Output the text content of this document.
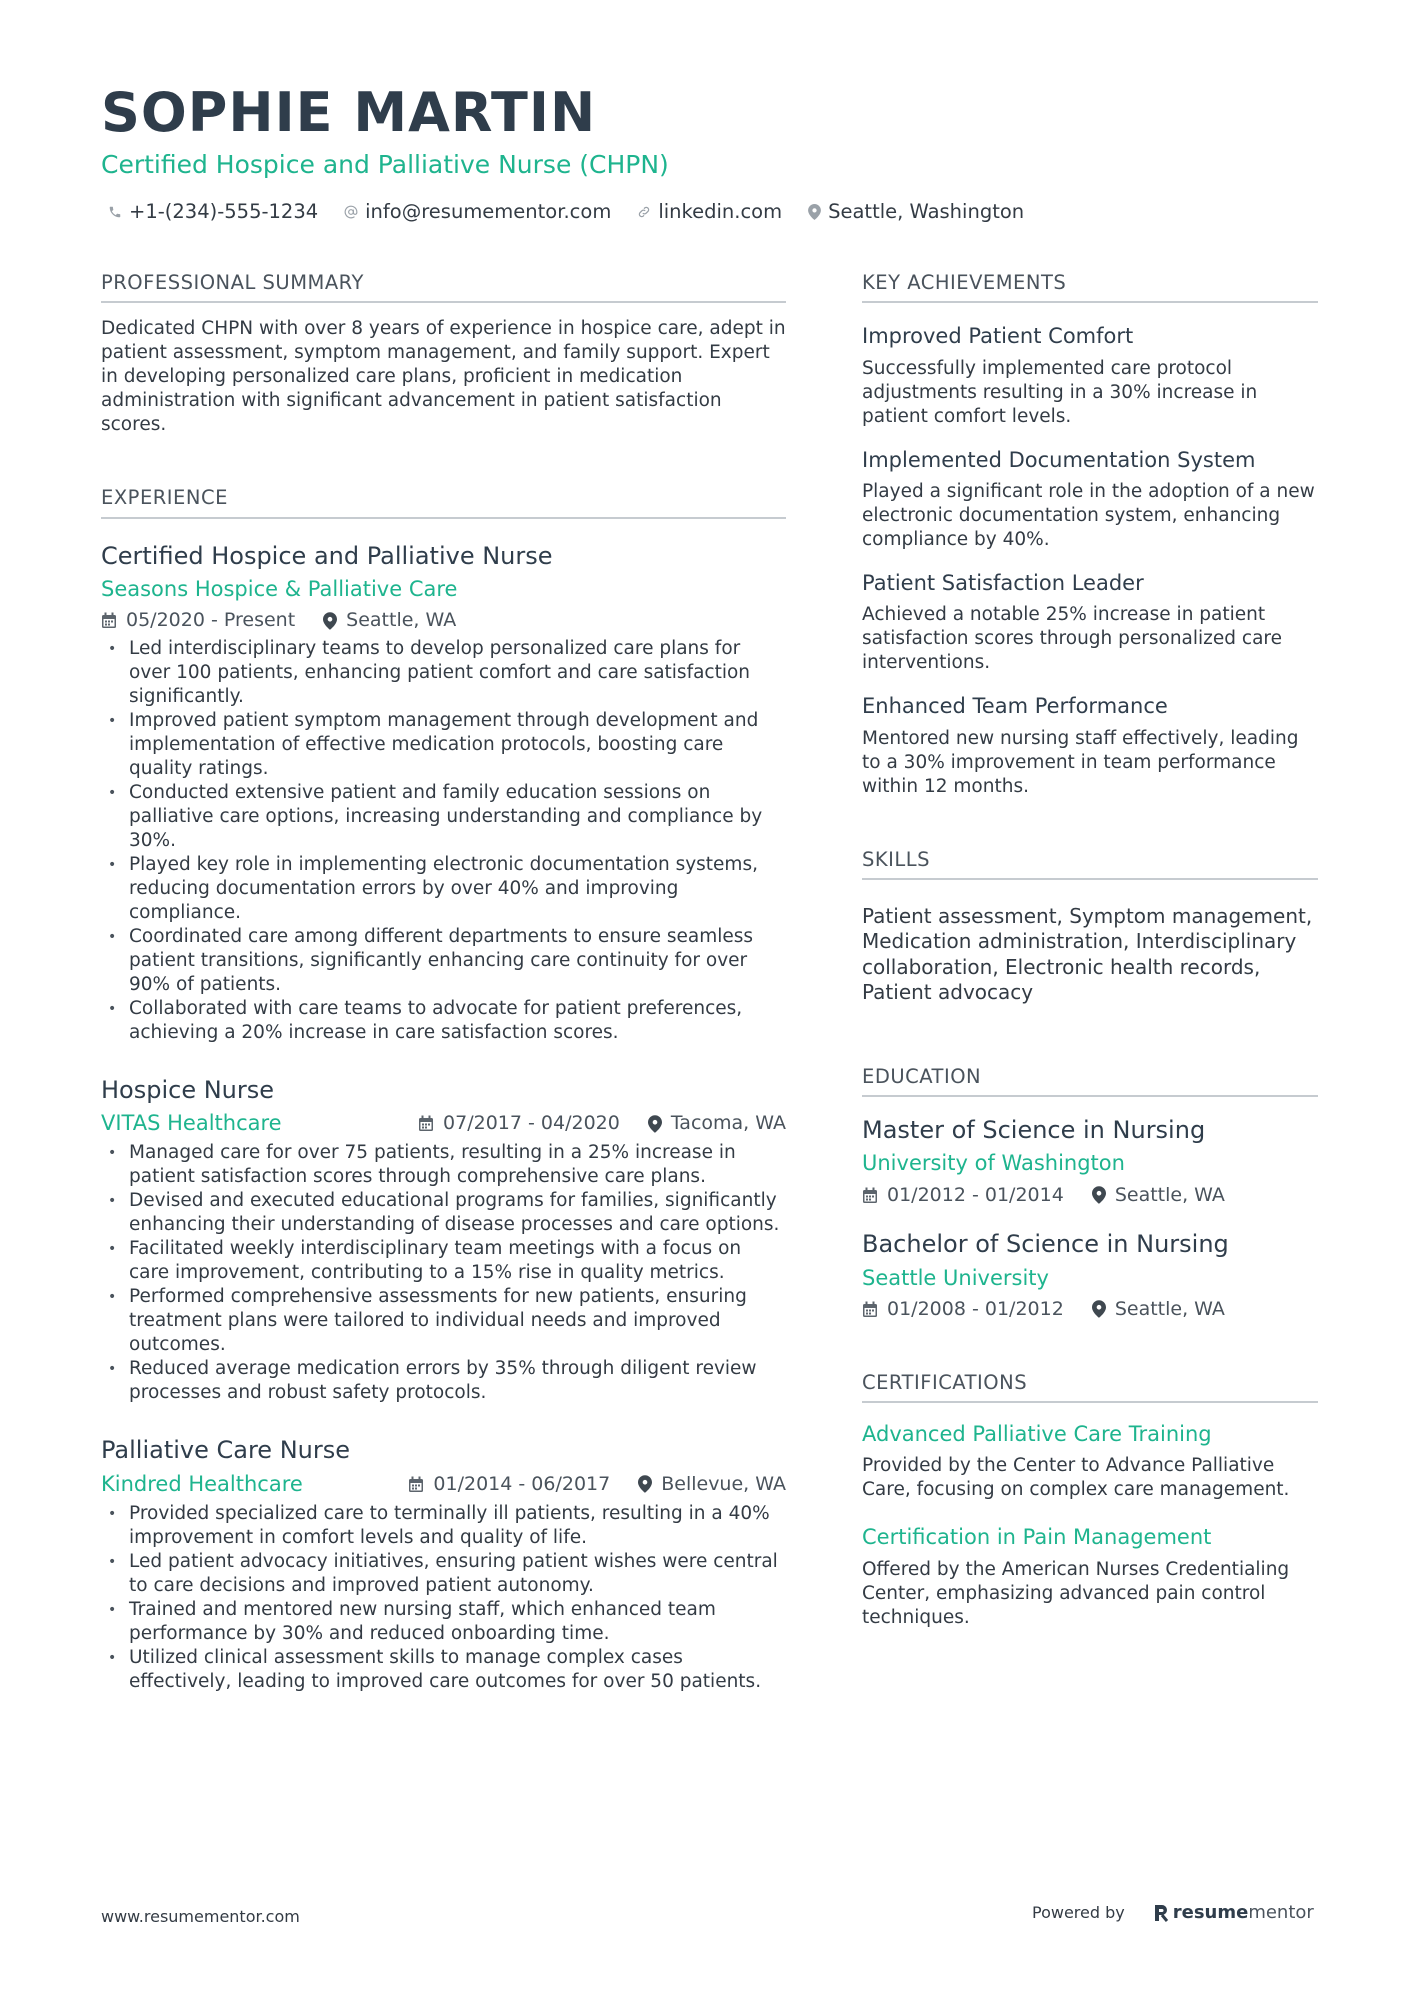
SOPHIE MARTIN
Certified Hospice and Palliative Nurse (CHPN)
+1-(234)-555-1234 info@resumementor.com linkedin.com Seattle, Washington
PROFESSIONAL SUMMARY

Dedicated CHPN with over 8 years of experience in hospice care, adept in patient assessment, symptom management, and family support. Expert in developing personalized care plans, proficient in medication administration with significant advancement in patient satisfaction scores.

EXPERIENCE
Certified Hospice and Palliative Nurse
Seasons Hospice & Palliative Care
05/2020 - Present	Seattle, WA
• Led interdisciplinary teams to develop personalized care plans for over 100 patients, enhancing patient comfort and care satisfaction significantly.
• Improved patient symptom management through development and implementation of effective medication protocols, boosting care quality ratings.
• Conducted extensive patient and family education sessions on palliative care options, increasing understanding and compliance by 30%.
• Played key role in implementing electronic documentation systems, reducing documentation errors by over 40% and improving compliance.
• Coordinated care among different departments to ensure seamless patient transitions, significantly enhancing care continuity for over 90% of patients.
• Collaborated with care teams to advocate for patient preferences, achieving a 20% increase in care satisfaction scores.
Hospice Nurse
VITAS Healthcare	07/2017 - 04/2020	Tacoma, WA
• Managed care for over 75 patients, resulting in a 25% increase in patient satisfaction scores through comprehensive care plans.
• Devised and executed educational programs for families, significantly enhancing their understanding of disease processes and care options.
• Facilitated weekly interdisciplinary team meetings with a focus on care improvement, contributing to a 15% rise in quality metrics.
• Performed comprehensive assessments for new patients, ensuring treatment plans were tailored to individual needs and improved outcomes.
• Reduced average medication errors by 35% through diligent review processes and robust safety protocols.
Palliative Care Nurse
Kindred Healthcare	01/2014 - 06/2017	Bellevue, WA
• Provided specialized care to terminally ill patients, resulting in a 40% improvement in comfort levels and quality of life.
• Led patient advocacy initiatives, ensuring patient wishes were central to care decisions and improved patient autonomy.
• Trained and mentored new nursing staff, which enhanced team performance by 30% and reduced onboarding time.
• Utilized clinical assessment skills to manage complex cases effectively, leading to improved care outcomes for over 50 patients.
KEY ACHIEVEMENTS
Improved Patient Comfort
Successfully implemented care protocol adjustments resulting in a 30% increase in patient comfort levels.
Implemented Documentation System
Played a significant role in the adoption of a new electronic documentation system, enhancing compliance by 40%.
Patient Satisfaction Leader
Achieved a notable 25% increase in patient satisfaction scores through personalized care interventions.
Enhanced Team Performance
Mentored new nursing staff effectively, leading to a 30% improvement in team performance within 12 months.
SKILLS
Patient assessment, Symptom management, Medication administration, Interdisciplinary collaboration, Electronic health records, Patient advocacy
EDUCATION
Master of Science in Nursing
University of Washington
01/2012 - 01/2014	Seattle, WA
Bachelor of Science in Nursing
Seattle University
01/2008 - 01/2012	Seattle, WA
CERTIFICATIONS
Advanced Palliative Care Training
Provided by the Center to Advance Palliative Care, focusing on complex care management.
Certification in Pain Management
Offered by the American Nurses Credentialing Center, emphasizing advanced pain control techniques.
www.resumementor.com	Powered by	resume mentor
